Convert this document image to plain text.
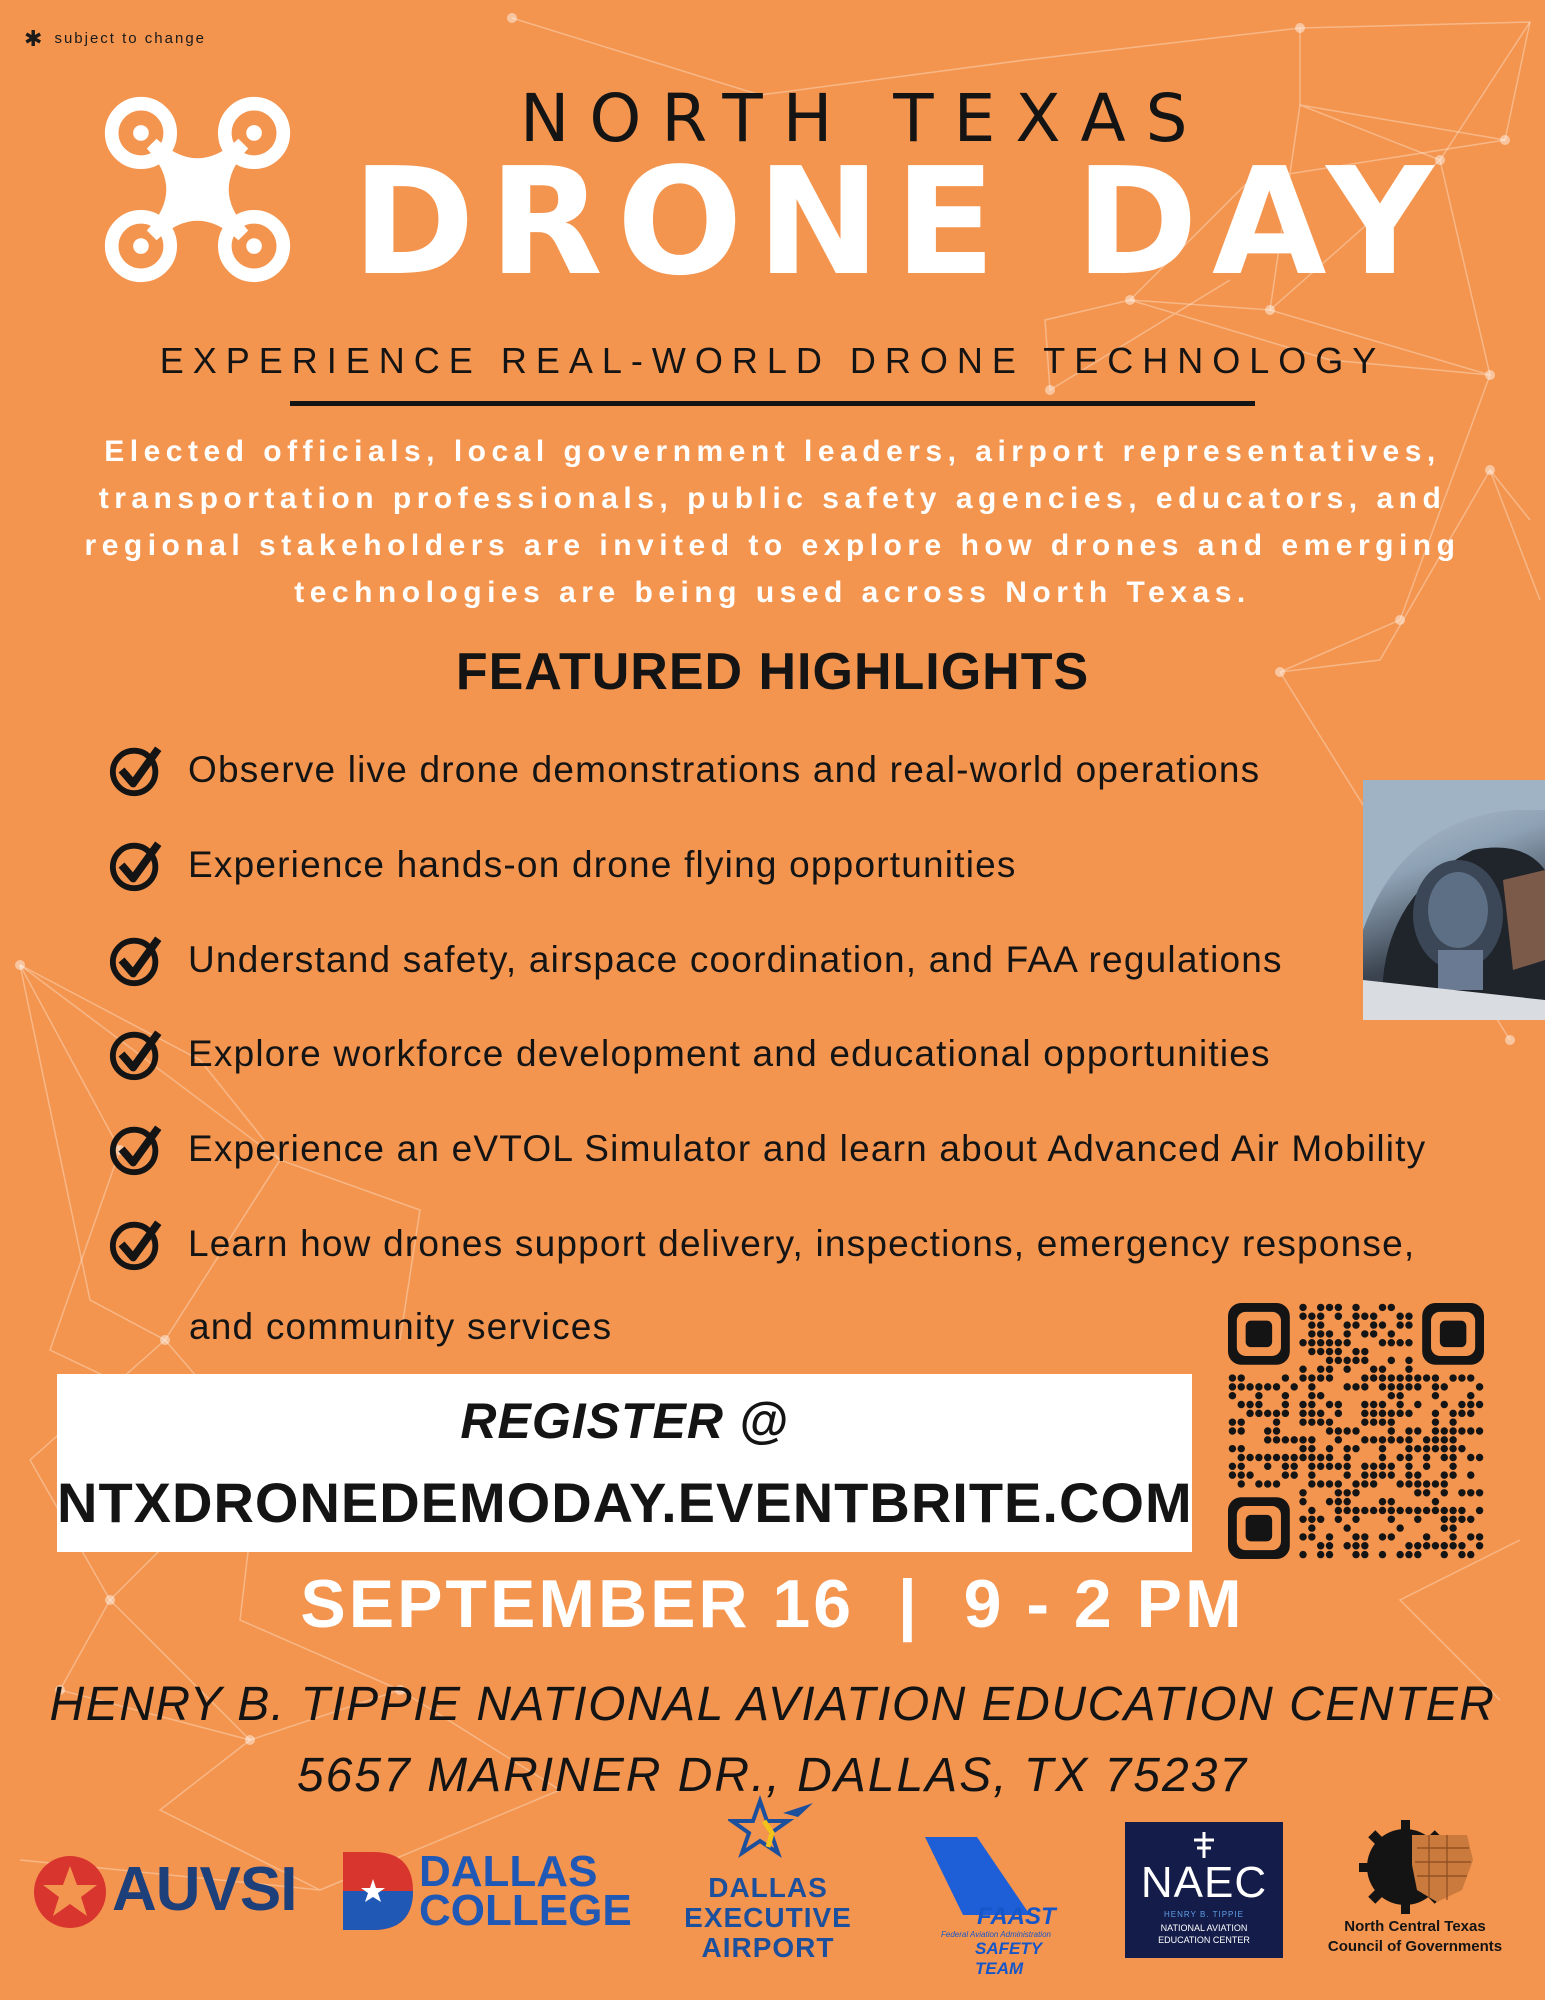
✱ subject to change
NORTH TEXAS
DRONE DAY
EXPERIENCE REAL-WORLD DRONE TECHNOLOGY
Elected officials, local government leaders, airport representatives, transportation professionals, public safety agencies, educators, and regional stakeholders are invited to explore how drones and emerging technologies are being used across North Texas.
FEATURED HIGHLIGHTS
Observe live drone demonstrations and real-world operations
Experience hands-on drone flying opportunities
Understand safety, airspace coordination, and FAA regulations
Explore workforce development and educational opportunities
Experience an eVTOL Simulator and learn about Advanced Air Mobility
Learn how drones support delivery, inspections, emergency response,
and community services
REGISTER @
NTXDRONEDEMODAY.EVENTBRITE.COM
SEPTEMBER 16  |  9 - 2 PM
HENRY B. TIPPIE NATIONAL AVIATION EDUCATION CENTER
5657 MARINER DR., DALLAS, TX 75237
AUVSI	DALLAS
COLLEGE	DALLAS
EXECUTIVE
AIRPORT
FAAST
Federal Aviation Administration
SAFETY TEAM
NAEC
HENRY B. TIPPIE
NATIONAL AVIATION
EDUCATION CENTER
North Central Texas
Council of Governments
